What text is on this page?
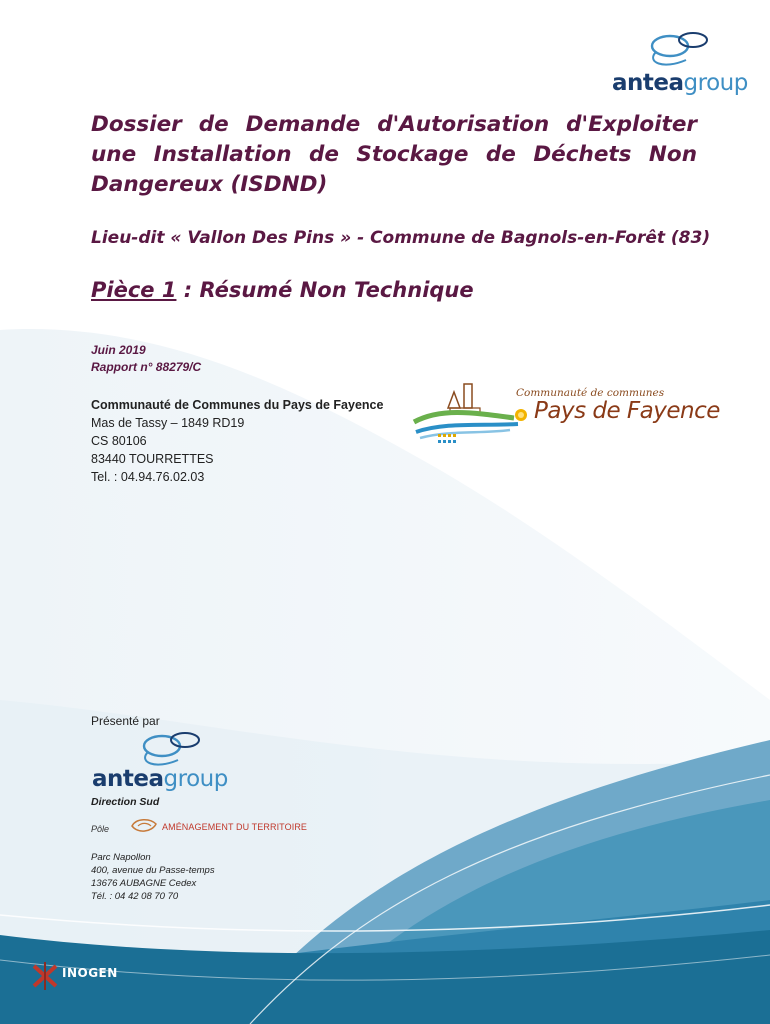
anteagroup

Dossier de Demande d'Autorisation d'Exploiter une Installation de Stockage de Déchets Non Dangereux (ISDND)

Lieu-dit « Vallon Des Pins » - Commune de Bagnols-en-Forêt (83)

Pièce 1 : Résumé Non Technique

Juin 2019
Rapport n° 88279/C
Communauté de Communes du Pays de Fayence
Mas de Tassy – 1849 RD19
CS 80106
83440 TOURRETTES
Tel. : 04.94.76.02.03
Communauté de communes
Pays de Fayence
Présenté par
anteagroup
Direction Sud
Pôle	AMÉNAGEMENT DU TERRITOIRE
Parc Napollon
400, avenue du Passe-temps
13676 AUBAGNE Cedex
Tél. : 04 42 08 70 70
INOGEN
